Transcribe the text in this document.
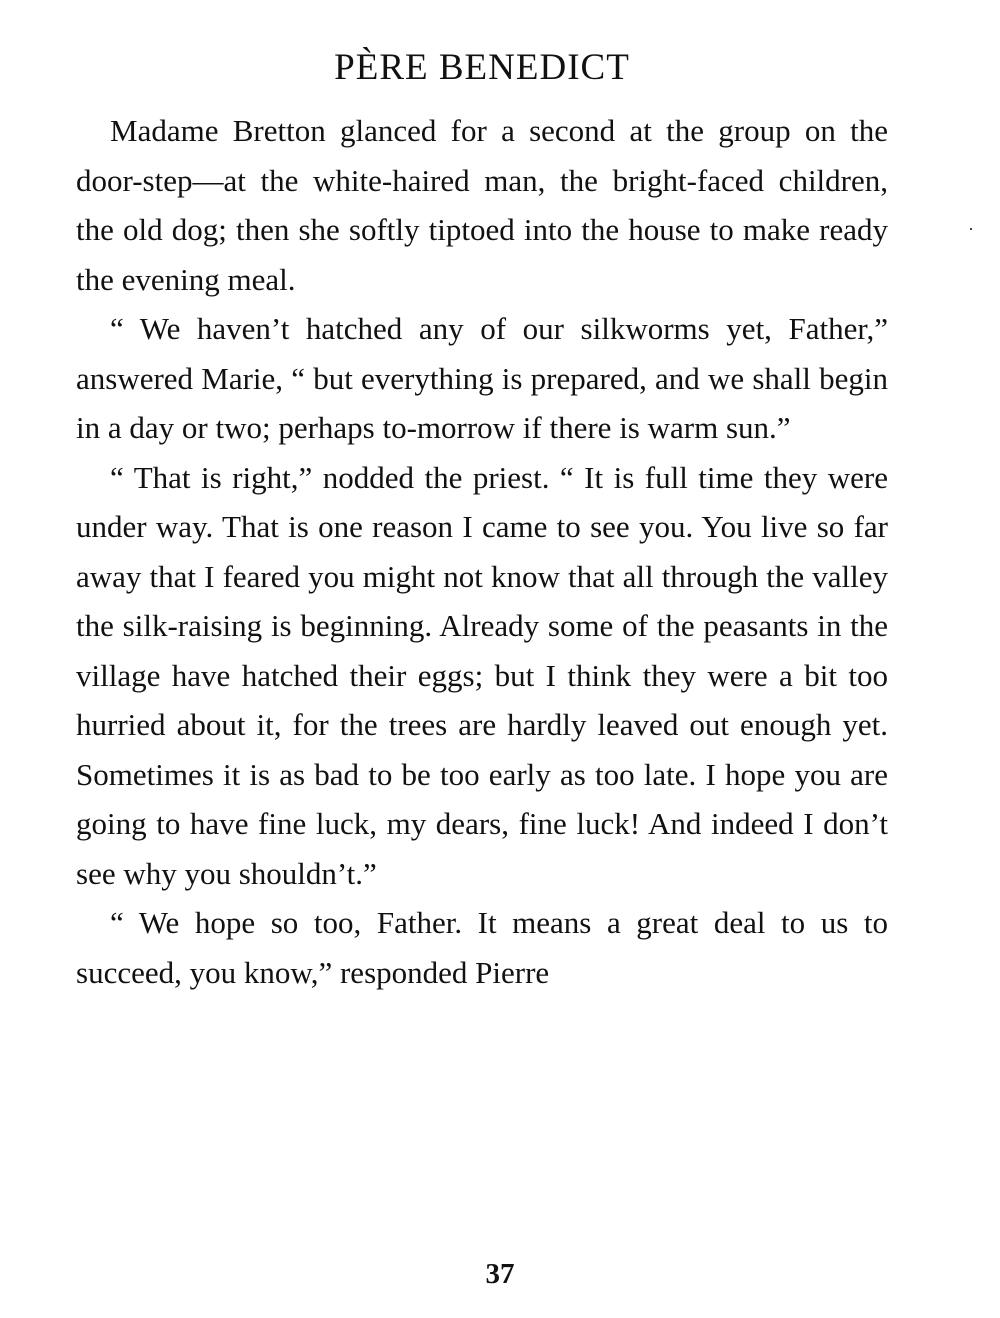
PÈRE BENEDICT

Madame Bretton glanced for a second at the group on the door-step—at the white-haired man, the bright-faced children, the old dog; then she softly tiptoed into the house to make ready the evening meal.

“ We haven’t hatched any of our silkworms yet, Father,” answered Marie, “ but everything is prepared, and we shall begin in a day or two; perhaps to-morrow if there is warm sun.”

“ That is right,” nodded the priest. “ It is full time they were under way. That is one reason I came to see you. You live so far away that I feared you might not know that all through the valley the silk-raising is beginning. Already some of the peasants in the village have hatched their eggs; but I think they were a bit too hurried about it, for the trees are hardly leaved out enough yet. Sometimes it is as bad to be too early as too late. I hope you are going to have fine luck, my dears, fine luck! And indeed I don’t see why you shouldn’t.”

“ We hope so too, Father. It means a great deal to us to succeed, you know,” responded Pierre

37
